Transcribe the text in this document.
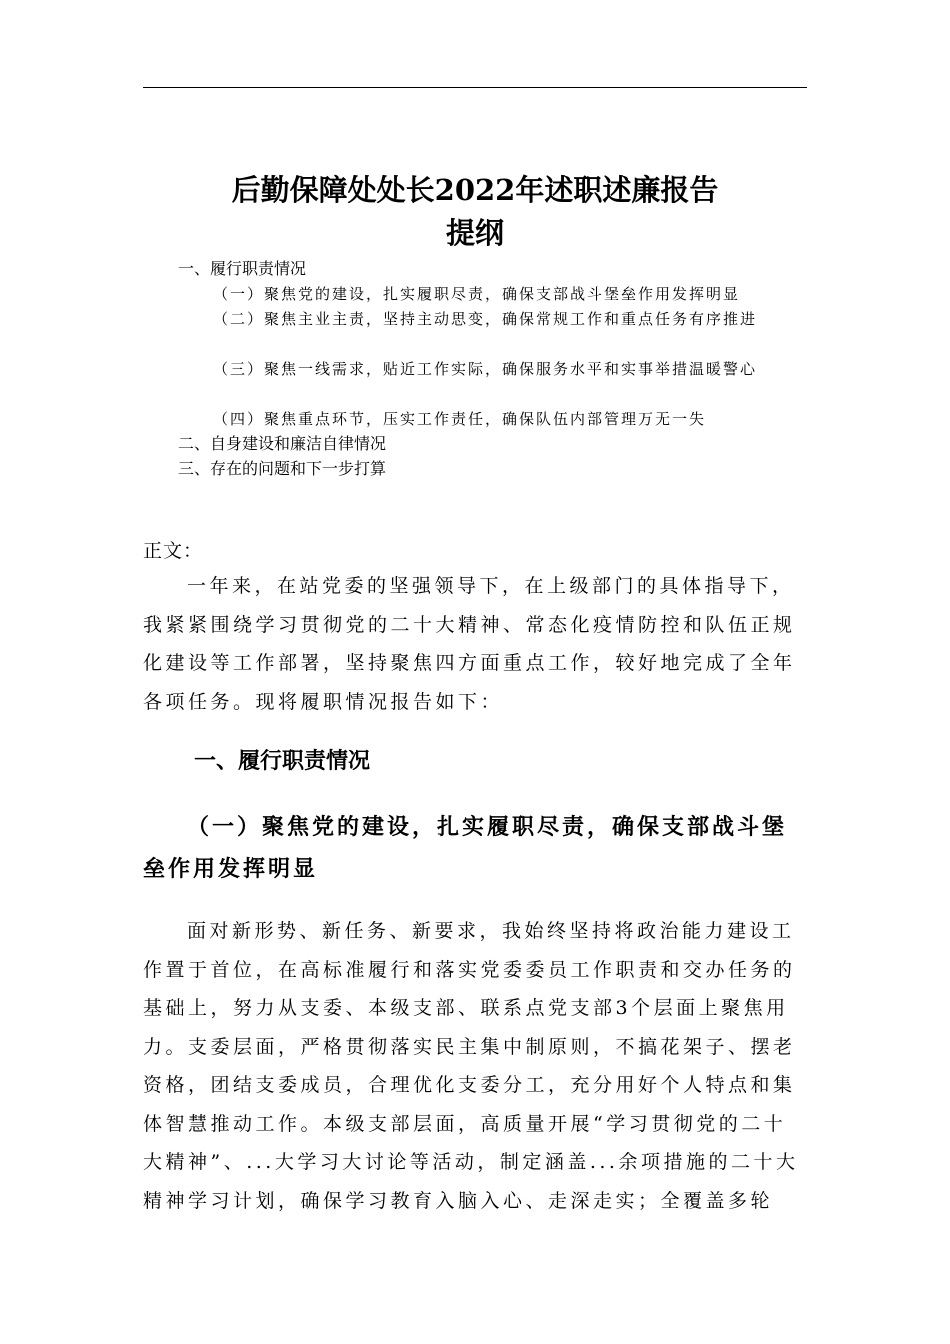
后勤保障处处长2022年述职述廉报告
提纲
一、履行职责情况
（一）聚焦党的建设，扎实履职尽责，确保支部战斗堡垒作用发挥明显
（二）聚焦主业主责，坚持主动思变，确保常规工作和重点任务有序推进
（三）聚焦一线需求，贴近工作实际，确保服务水平和实事举措温暖警心
（四）聚焦重点环节，压实工作责任，确保队伍内部管理万无一失
二、自身建设和廉洁自律情况
三、存在的问题和下一步打算

正文：

一年来，在站党委的坚强领导下，在上级部门的具体指导下，我紧紧围绕学习贯彻党的二十大精神、常态化疫情防控和队伍正规化建设等工作部署，坚持聚焦四方面重点工作，较好地完成了全年各项任务。现将履职情况报告如下：

一、履行职责情况
（一）聚焦党的建设，扎实履职尽责，确保支部战斗堡垒作用发挥明显

面对新形势、新任务、新要求，我始终坚持将政治能力建设工作置于首位，在高标准履行和落实党委委员工作职责和交办任务的基础上，努力从支委、本级支部、联系点党支部3个层面上聚焦用力。支委层面，严格贯彻落实民主集中制原则，不搞花架子、摆老资格，团结支委成员，合理优化支委分工，充分用好个人特点和集体智慧推动工作。本级支部层面，高质量开展“学习贯彻党的二十大精神”、...大学习大讨论等活动，制定涵盖...余项措施的二十大精神学习计划，确保学习教育入脑入心、走深走实；全覆盖多轮
